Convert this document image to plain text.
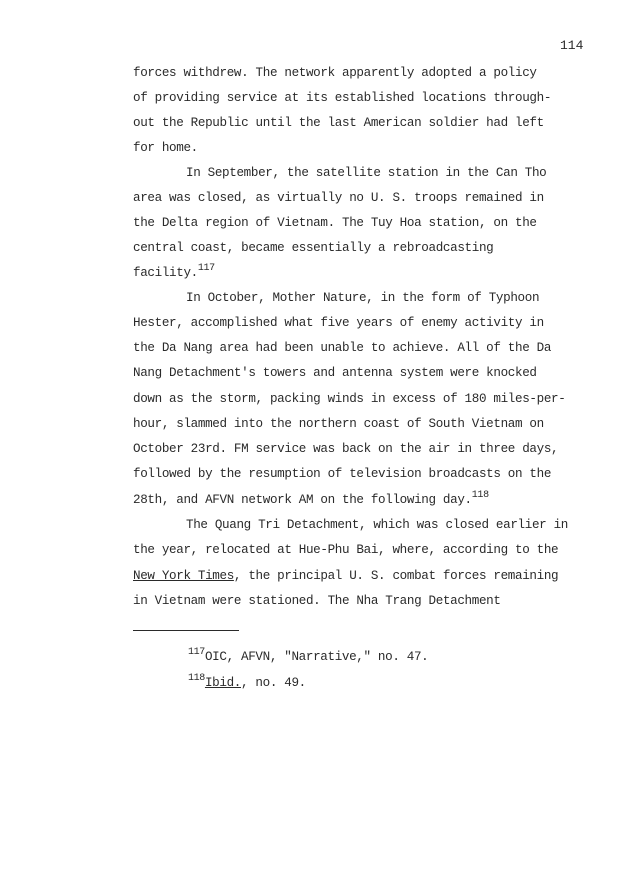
114
forces withdrew. The network apparently adopted a policy
of providing service at its established locations through-
out the Republic until the last American soldier had left
for home.
In September, the satellite station in the Can Tho
area was closed, as virtually no U. S. troops remained in
the Delta region of Vietnam. The Tuy Hoa station, on the
central coast, became essentially a rebroadcasting
facility.$^{117}$
In October, Mother Nature, in the form of Typhoon
Hester, accomplished what five years of enemy activity in
the Da Nang area had been unable to achieve. All of the Da
Nang Detachment's towers and antenna system were knocked
down as the storm, packing winds in excess of 180 miles-per-
hour, slammed into the northern coast of South Vietnam on
October 23rd. FM service was back on the air in three days,
followed by the resumption of television broadcasts on the
28th, and AFVN network AM on the following day.$^{118}$
The Quang Tri Detachment, which was closed earlier in
the year, relocated at Hue-Phu Bai, where, according to the
New York Times, the principal U. S. combat forces remaining
in Vietnam were stationed. The Nha Trang Detachment
$^{117}$OIC, AFVN, "Narrative," no. 47.
$^{118}$Ibid., no. 49.
